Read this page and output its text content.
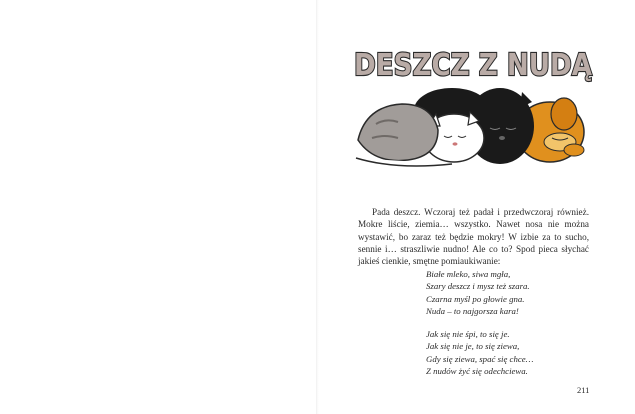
DESZCZ Z NUDĄ

Pada deszcz. Wczoraj też padał i przedwczoraj również. Mokre liście, ziemia… wszystko. Nawet nosa nie można wystawić, bo zaraz też będzie mokry! W izbie za to sucho, sennie i… straszliwie nudno! Ale co to? Spod pieca słychać jakieś cienkie, smętne pomiaukiwanie:

Białe mleko, siwa mgła,
Szary deszcz i mysz też szara.
Czarna myśl po głowie gna.
Nuda – to najgorsza kara!
Jak się nie śpi, to się je.
Jak się nie je, to się ziewa,
Gdy się ziewa, spać się chce…
Z nudów żyć się odechciewa.
211
